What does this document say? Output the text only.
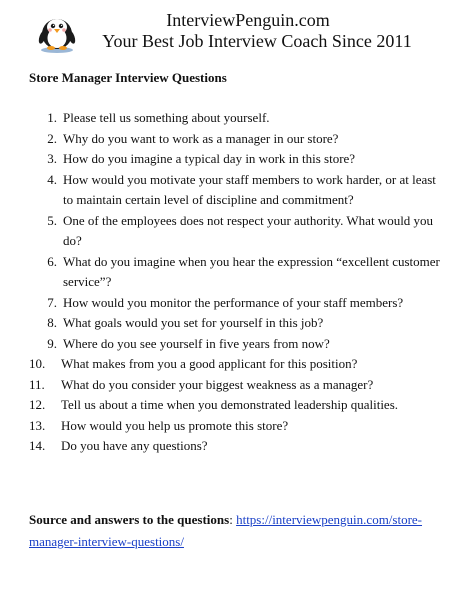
InterviewPenguin.com
Your Best Job Interview Coach Since 2011
Store Manager Interview Questions
1. Please tell us something about yourself.
2. Why do you want to work as a manager in our store?
3. How do you imagine a typical day in work in this store?
4. How would you motivate your staff members to work harder, or at least to maintain certain level of discipline and commitment?
5. One of the employees does not respect your authority. What would you do?
6. What do you imagine when you hear the expression “excellent customer service”?
7. How would you monitor the performance of your staff members?
8. What goals would you set for yourself in this job?
9. Where do you see yourself in five years from now?
10.	What makes from you a good applicant for this position?
11.	What do you consider your biggest weakness as a manager?
12.	Tell us about a time when you demonstrated leadership qualities.
13.	How would you help us promote this store?
14.	Do you have any questions?

Source and answers to the questions: https://interviewpenguin.com/store-manager-interview-questions/
